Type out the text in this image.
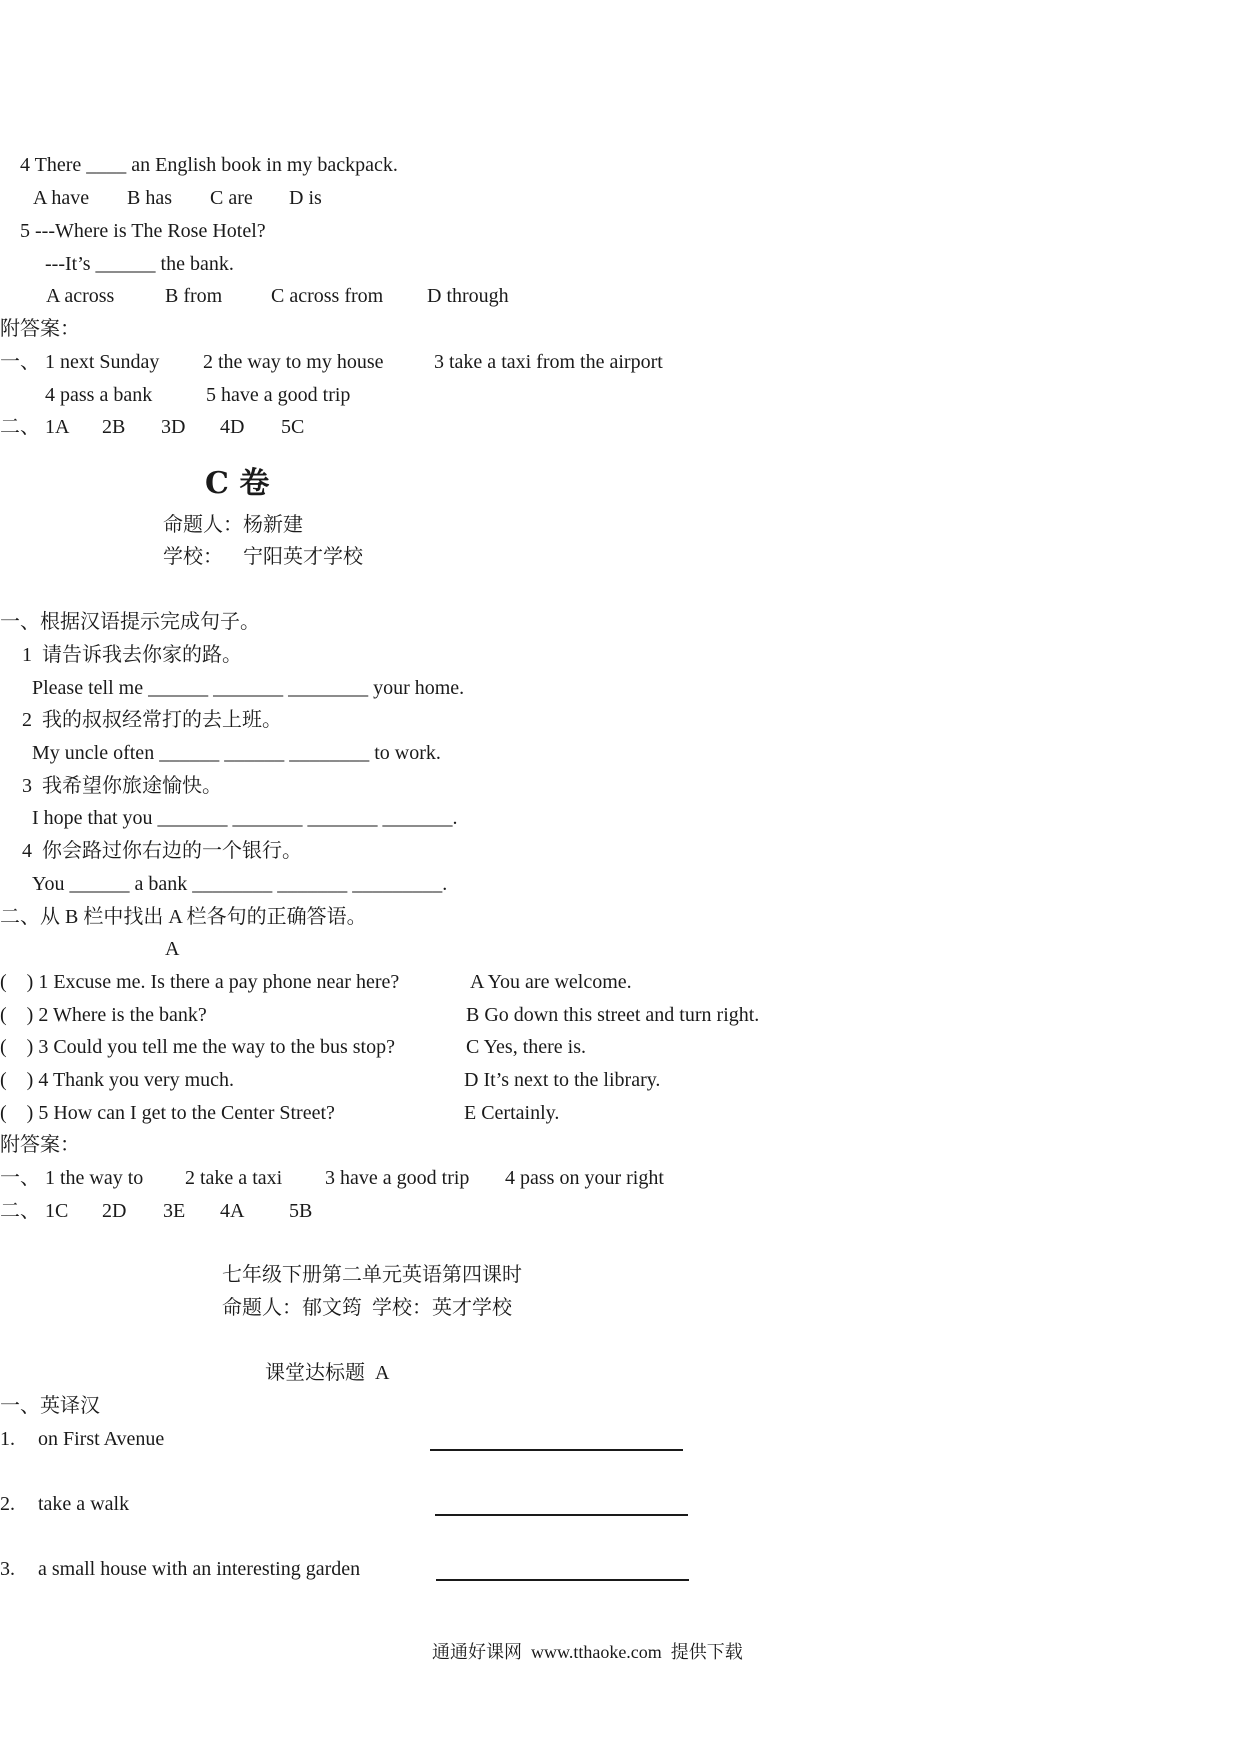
4 There ____ an English book in my backpack.
A have B has C are D is
5 ---Where is The Rose Hotel?
---It’s ______ the bank.
A across	B from C across from D through
附答案：
一、 1 next Sunday 2 the way to my house	3 take a taxi from the airport
4 pass a bank	5 have a good trip
二、 1A 2B 3D 4D 5C
C 卷
命题人：杨新建
学校：    宁阳英才学校
一、根据汉语提示完成句子。
1  请告诉我去你家的路。
Please tell me ______ _______ ________ your home.
2  我的叔叔经常打的去上班。
My uncle often ______ ______ ________ to work.
3  我希望你旅途愉快。
I hope that you _______ _______ _______ _______.
4  你会路过你右边的一个银行。
You ______ a bank ________ _______ _________.
二、从 B 栏中找出 A 栏各句的正确答语。
A
(    ) 1 Excuse me. Is there a pay phone near here?	A You are welcome.
(    ) 2 Where is the bank?	B Go down this street and turn right.
(    ) 3 Could you tell me the way to the bus stop?	C Yes, there is.
(    ) 4 Thank you very much.	D It’s next to the library.
(    ) 5 How can I get to the Center Street?	E Certainly.
附答案：
一、 1 the way to 2 take a taxi 3 have a good trip 4 pass on your right
二、 1C 2D 3E 4A 5B
七年级下册第二单元英语第四课时
命题人：郁文筠  学校：英才学校
课堂达标题  A
一、英译汉
1. on First Avenue
2. take a walk
3. a small house with an interesting garden
通通好课网  www.tthaoke.com  提供下载
